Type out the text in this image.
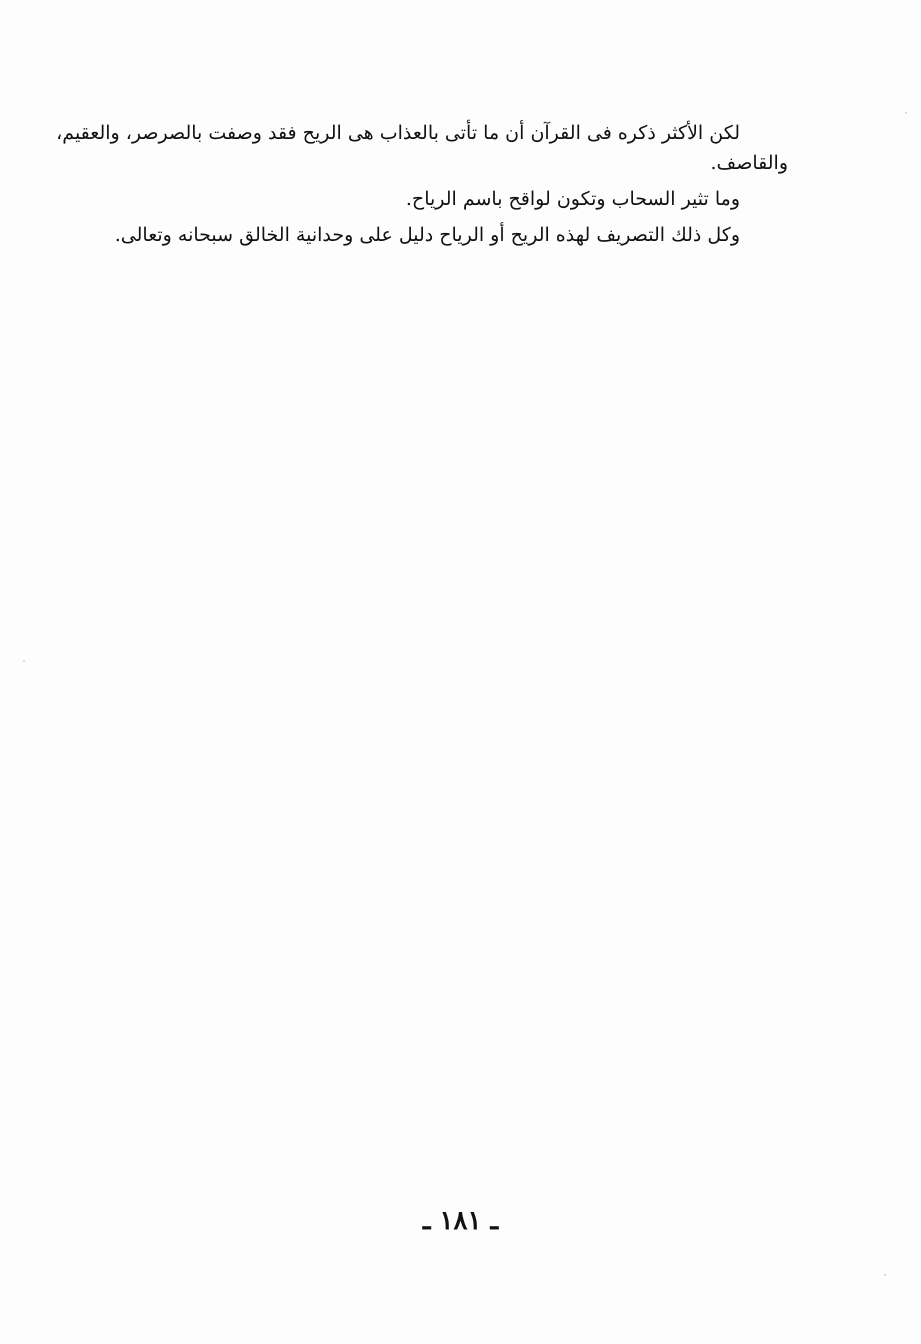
لكن الأكثر ذكره فى القرآن أن ما تأتى بالعذاب هى الريح فقد وصفت بالصرصر، والعقيم،
والقاصف.

وما تثير السحاب وتكون لواقح باسم الرياح.

وكل ذلك التصريف لهذه الريح أو الرياح دليل على وحدانية الخالق سبحانه وتعالى.

ـ ١٨١ ـ
